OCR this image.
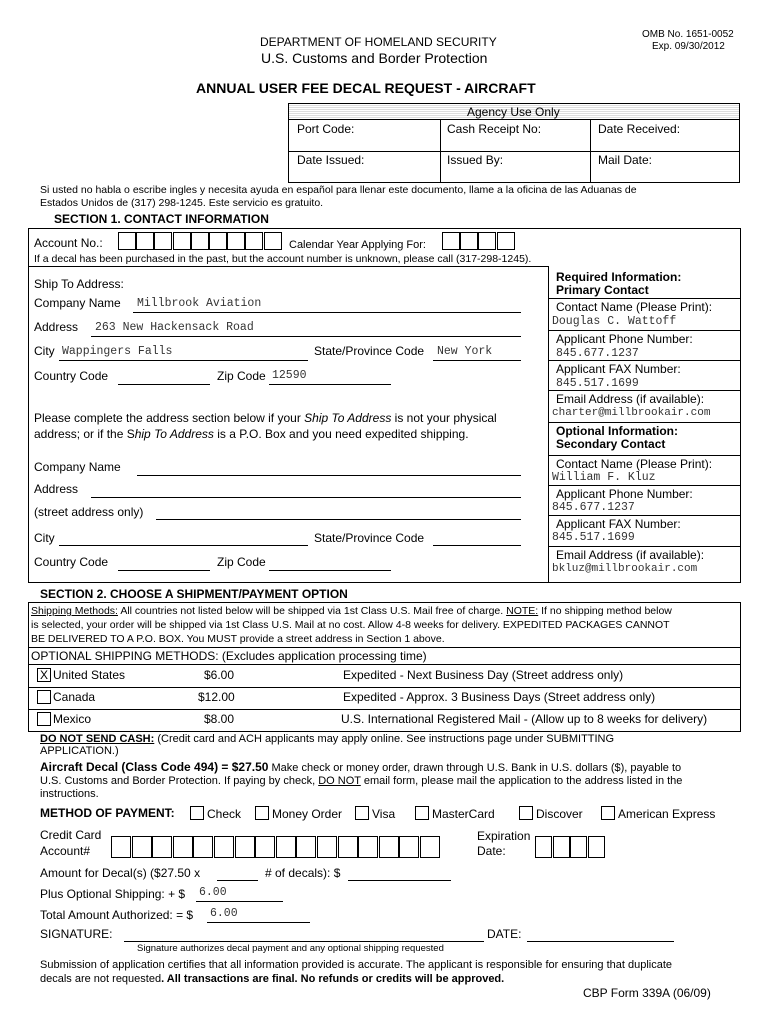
OMB No. 1651-0052
Exp. 09/30/2012
DEPARTMENT OF HOMELAND SECURITY
U.S. Customs and Border Protection
ANNUAL USER FEE DECAL REQUEST - AIRCRAFT
Agency Use Only
Port Code:	Cash Receipt No:	Date Received:
Date Issued:	Issued By:	Mail Date:
Si usted no habla o escribe ingles y necesita ayuda en español para llenar este documento, llame a la oficina de las Aduanas de
Estados Unidos de (317) 298-1245. Este servicio es gratuito.
SECTION 1. CONTACT INFORMATION
Account No.:	Calendar Year Applying For:
If a decal has been purchased in the past, but the account number is unknown, please call (317-298-1245).
Ship To Address:
Company Name Millbrook Aviation
Address 263 New Hackensack Road
City Wappingers Falls	State/Province Code New York
Country Code	Zip Code 12590
Please complete the address section below if your Ship To Address is not your physical
address; or if the Ship To Address is a P.O. Box and you need expedited shipping.
Company Name
Address
(street address only)
City	State/Province Code
Country Code	Zip Code
Required Information:
Primary Contact
Contact Name (Please Print):
Douglas C. Wattoff
Applicant Phone Number:
845.677.1237
Applicant FAX Number:
845.517.1699
Email Address (if available):
charter@millbrookair.com
Optional Information:
Secondary Contact
Contact Name (Please Print):
William F. Kluz
Applicant Phone Number:
845.677.1237
Applicant FAX Number:
845.517.1699
Email Address (if available):
bkluz@millbrookair.com
SECTION 2. CHOOSE A SHIPMENT/PAYMENT OPTION
Shipping Methods: All countries not listed below will be shipped via 1st Class U.S. Mail free of charge. NOTE: If no shipping method below
is selected, your order will be shipped via 1st Class U.S. Mail at no cost. Allow 4-8 weeks for delivery. EXPEDITED PACKAGES CANNOT
BE DELIVERED TO A P.O. BOX. You MUST provide a street address in Section 1 above.
OPTIONAL SHIPPING METHODS: (Excludes application processing time)
DO NOT SEND CASH: (Credit card and ACH applicants may apply online. See instructions page under SUBMITTING
APPLICATION.)
Aircraft Decal (Class Code 494) = $27.50 Make check or money order, drawn through U.S. Bank in U.S. dollars ($), payable to
U.S. Customs and Border Protection. If paying by check, DO NOT email form, please mail the application to the address listed in the
instructions.
METHOD OF PAYMENT:
Credit Card
Account#
Expiration
Date:
Amount for Decal(s) ($27.50 x	# of decals): $
Plus Optional Shipping: + $ 6.00
Total Amount Authorized: = $ 6.00
SIGNATURE:	DATE:
Signature authorizes decal payment and any optional shipping requested
Submission of application certifies that all information provided is accurate. The applicant is responsible for ensuring that duplicate
decals are not requested. All transactions are final. No refunds or credits will be approved.
CBP Form 339A (06/09)
X United States	$6.00	Expedited - Next Business Day (Street address only)
Canada	$12.00	Expedited - Approx. 3 Business Days (Street address only)
Mexico	$8.00	U.S. International Registered Mail - (Allow up to 8 weeks for delivery)
Check	Money Order Visa	MasterCard	Discover	American Express
